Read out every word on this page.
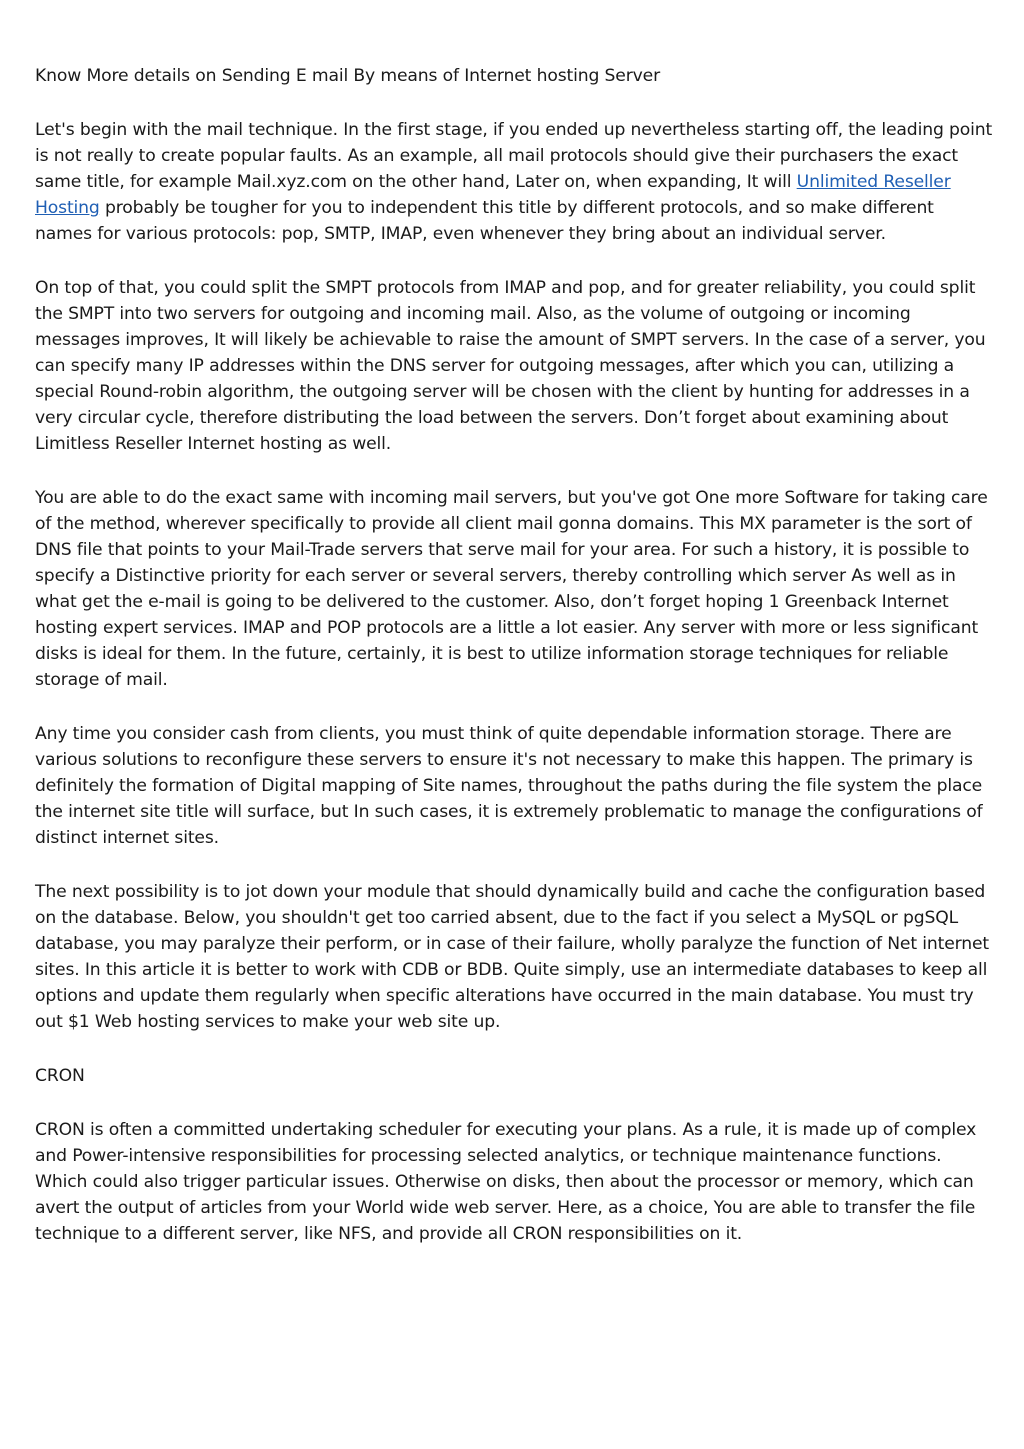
Know More details on Sending E mail By means of Internet hosting Server

Let's begin with the mail technique. In the first stage, if you ended up nevertheless starting off, the leading point is not really to create popular faults. As an example, all mail protocols should give their purchasers the exact same title, for example Mail.xyz.com on the other hand, Later on, when expanding, It will Unlimited Reseller Hosting probably be tougher for you to independent this title by different protocols, and so make different names for various protocols: pop, SMTP, IMAP, even whenever they bring about an individual server.

On top of that, you could split the SMPT protocols from IMAP and pop, and for greater reliability, you could split the SMPT into two servers for outgoing and incoming mail. Also, as the volume of outgoing or incoming messages improves, It will likely be achievable to raise the amount of SMPT servers. In the case of a server, you can specify many IP addresses within the DNS server for outgoing messages, after which you can, utilizing a special Round-robin algorithm, the outgoing server will be chosen with the client by hunting for addresses in a very circular cycle, therefore distributing the load between the servers. Don’t forget about examining about Limitless Reseller Internet hosting as well.

You are able to do the exact same with incoming mail servers, but you've got One more Software for taking care of the method, wherever specifically to provide all client mail gonna domains. This MX parameter is the sort of DNS file that points to your Mail-Trade servers that serve mail for your area. For such a history, it is possible to specify a Distinctive priority for each server or several servers, thereby controlling which server As well as in what get the e-mail is going to be delivered to the customer. Also, don’t forget hoping 1 Greenback Internet hosting expert services. IMAP and POP protocols are a little a lot easier. Any server with more or less significant disks is ideal for them. In the future, certainly, it is best to utilize information storage techniques for reliable storage of mail.

Any time you consider cash from clients, you must think of quite dependable information storage. There are various solutions to reconfigure these servers to ensure it's not necessary to make this happen. The primary is definitely the formation of Digital mapping of Site names, throughout the paths during the file system the place the internet site title will surface, but In such cases, it is extremely problematic to manage the configurations of distinct internet sites.

The next possibility is to jot down your module that should dynamically build and cache the configuration based on the database. Below, you shouldn't get too carried absent, due to the fact if you select a MySQL or pgSQL database, you may paralyze their perform, or in case of their failure, wholly paralyze the function of Net internet sites. In this article it is better to work with CDB or BDB. Quite simply, use an intermediate databases to keep all options and update them regularly when specific alterations have occurred in the main database. You must try out $1 Web hosting services to make your web site up.

CRON

CRON is often a committed undertaking scheduler for executing your plans. As a rule, it is made up of complex and Power-intensive responsibilities for processing selected analytics, or technique maintenance functions. Which could also trigger particular issues. Otherwise on disks, then about the processor or memory, which can avert the output of articles from your World wide web server. Here, as a choice, You are able to transfer the file technique to a different server, like NFS, and provide all CRON responsibilities on it.
